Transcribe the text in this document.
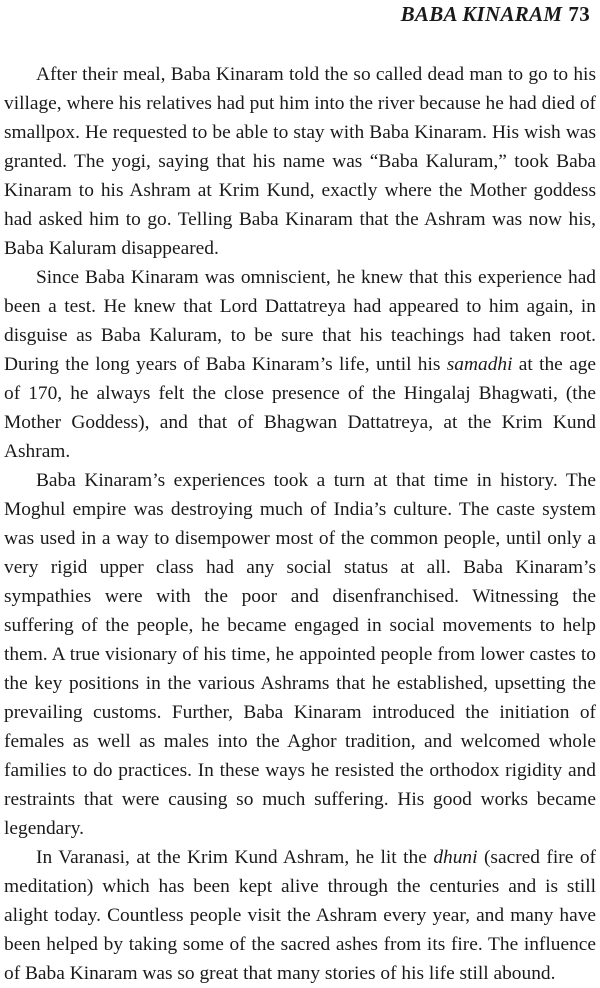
BABA KINARAM 73

After their meal, Baba Kinaram told the so called dead man to go to his village, where his relatives had put him into the river because he had died of smallpox. He requested to be able to stay with Baba Kinaram. His wish was granted. The yogi, saying that his name was “Baba Kaluram,” took Baba Kinaram to his Ashram at Krim Kund, exactly where the Mother goddess had asked him to go. Telling Baba Kinaram that the Ashram was now his, Baba Kaluram disappeared.

Since Baba Kinaram was omniscient, he knew that this experience had been a test. He knew that Lord Dattatreya had appeared to him again, in disguise as Baba Kaluram, to be sure that his teachings had taken root. During the long years of Baba Kinaram’s life, until his samadhi at the age of 170, he always felt the close presence of the Hingalaj Bhagwati, (the Mother Goddess), and that of Bhagwan Dattatreya, at the Krim Kund Ashram.

Baba Kinaram’s experiences took a turn at that time in history. The Moghul empire was destroying much of India’s culture. The caste system was used in a way to disempower most of the common people, until only a very rigid upper class had any social status at all. Baba Kinaram’s sympathies were with the poor and disenfranchised. Witnessing the suffering of the people, he became engaged in social movements to help them. A true visionary of his time, he appointed people from lower castes to the key positions in the various Ashrams that he established, upsetting the prevailing customs. Further, Baba Kinaram introduced the initiation of females as well as males into the Aghor tradition, and welcomed whole families to do practices. In these ways he resisted the orthodox rigidity and restraints that were causing so much suffering. His good works became legendary.

In Varanasi, at the Krim Kund Ashram, he lit the dhuni (sacred fire of meditation) which has been kept alive through the centuries and is still alight today. Countless people visit the Ashram every year, and many have been helped by taking some of the sacred ashes from its fire. The influence of Baba Kinaram was so great that many stories of his life still abound.
